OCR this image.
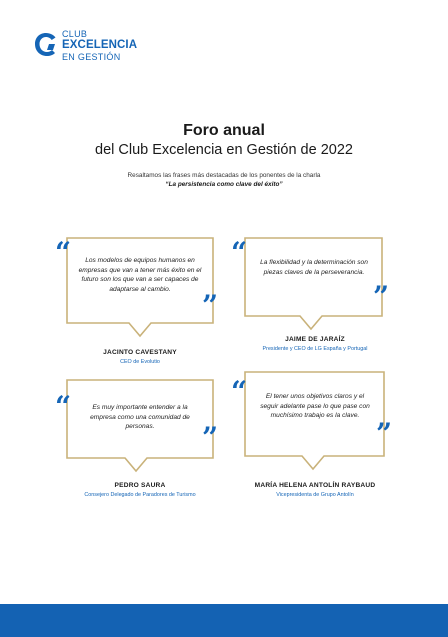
CLUB
EXCELENCIA
EN GESTIÓN
Foro anual
del Club Excelencia en Gestión de 2022
Resaltamos las frases más destacadas de los ponentes de la charla
“La persistencia como clave del éxito”
“
”
Los modelos de equipos humanos en empresas que van a tener más éxito en el futuro son los que van a ser capaces de adaptarse al cambio.
JACINTO CAVESTANY
CEO de Evolutio
“
”
La flexibilidad y la determinación son piezas claves de la perseverancia.
JAIME DE JARAÍZ
Presidente y CEO de LG España y Portugal
“
”
Es muy importante entender a la empresa como una comunidad de personas.
PEDRO SAURA
Consejero Delegado de Paradores de Turismo
“
”
El tener unos objetivos claros y el seguir adelante pase lo que pase con muchísimo trabajo es la clave.
MARÍA HELENA ANTOLÍN RAYBAUD
Vicepresidenta de Grupo Antolín
